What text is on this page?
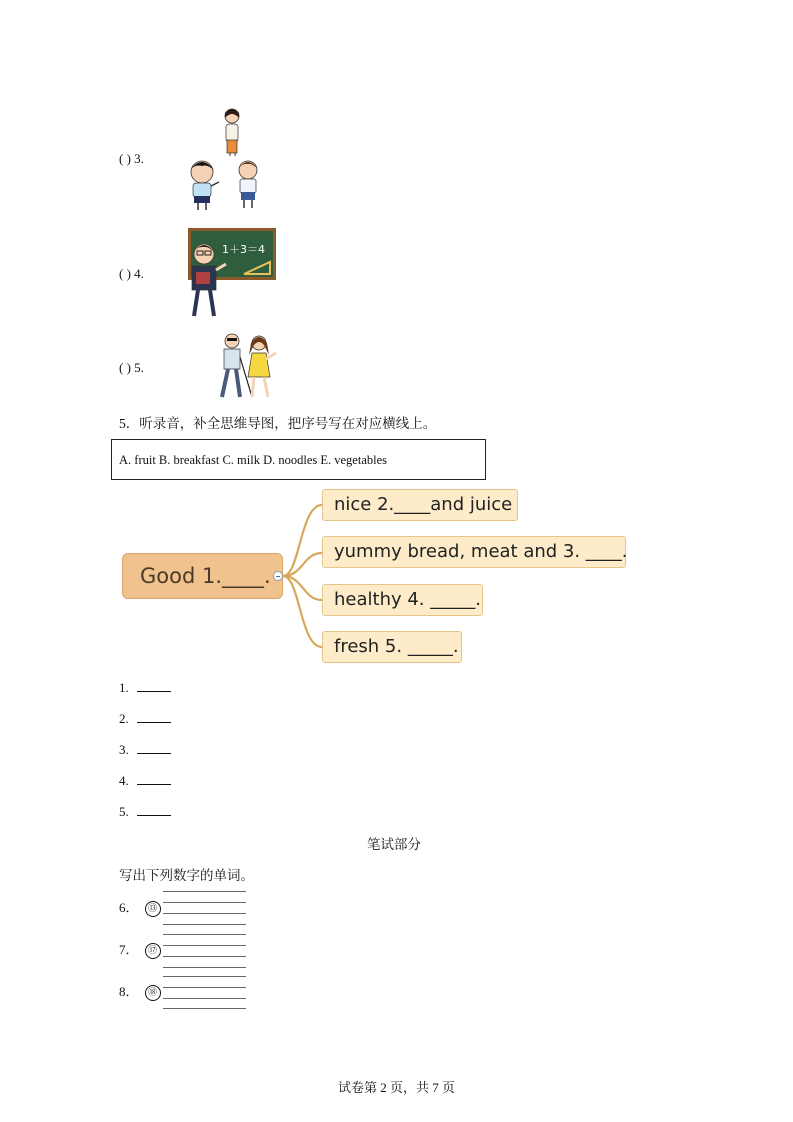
( ) 3.
( ) 4.
1＋3＝4
( ) 5.
5．听录音，补全思维导图，把序号写在对应横线上。
A. fruit B. breakfast C. milk D. noodles E. vegetables
Good 1.____.
nice 2.____and juice
yummy bread, meat and 3. ____.
healthy 4. _____.
fresh 5. _____.
1.
2.
3.
4.
5.
笔试部分
写出下列数字的单词。
6． ⑬
7． ⑰
8． ⑱
试卷第 2 页，共 7 页
